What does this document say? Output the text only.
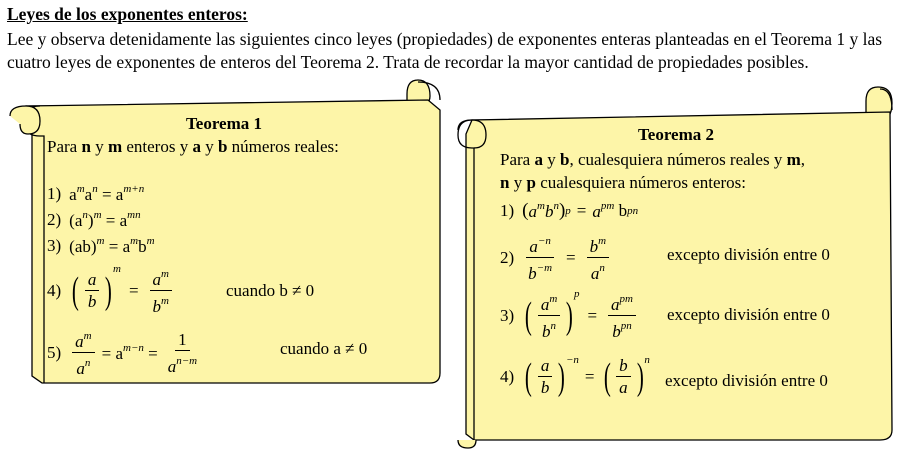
Leyes de los exponentes enteros:
Lee y observa detenidamente las siguientes cinco leyes (propiedades) de exponentes enteras planteadas en el Teorema 1 y las cuatro leyes de exponentes de enteros del Teorema 2. Trata de recordar la mayor cantidad de propiedades posibles.
Teorema 1
Para n y m enteros y a y b números reales:
1) $a^ma^n = a^{m+n}$
2) $(a^n)^m = a^{mn}$
3) $(ab)^m = a^mb^m$
4) ( $\frac{a}{b}$ )
m
= $\frac{a^m}{b^m}$	cuando b ≠ 0
$5) \frac{a^m}{a^n} = a^{m-n} = \frac{1}{a^{n-m}}$	cuando a ≠ 0
Teorema 2
Para a y b, cualesquiera números reales y m,
n y p cualesquiera números enteros:
1) ( $a^mb^n$ ) $p = a^{pm}$ b pn
$2) \frac{a^{-n}}{b^{-m}} = \frac{b^m}{a^n}$	excepto división entre 0
3) ( $\frac{a^m}{b^n}$ )
p
= $\frac{a^{pm}}{b^{pn}}$ excepto división entre 0
4) ( $\frac{a}{b}$ ) −n
= ( $\frac{b}{a}$ ) n
excepto división entre 0
